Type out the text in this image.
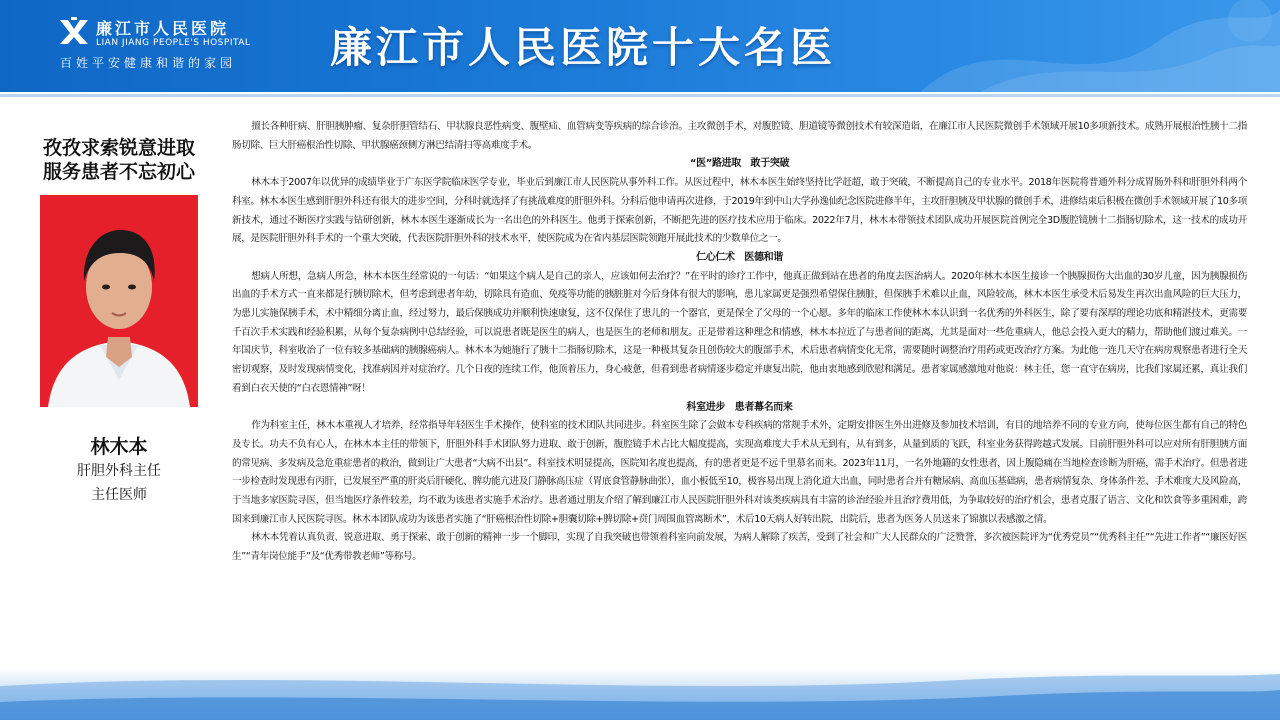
廉江市人民医院
LIAN JIANG PEOPLE'S HOSPITAL
百姓平安健康和谐的家园 廉江市人民医院十大名医
孜孜求索锐意进取
服务患者不忘初心
林木本
肝胆外科主任
主任医师

擅长各种肝病、肝胆胰肿瘤、复杂肝胆管结石、甲状腺良恶性病变、腹壁疝、血管病变等疾病的综合诊治。主攻微创手术，对腹腔镜、胆道镜等微创技术有较深造诣，在廉江市人民医院微创手术领域开展10多项新技术。成熟开展根治性胰十二指肠切除、巨大肝癌根治性切除、甲状腺癌颈侧方淋巴结清扫等高难度手术。

“医”路进取　敢于突破

林木本于2007年以优异的成绩毕业于广东医学院临床医学专业，毕业后到廉江市人民医院从事外科工作。从医过程中，林木本医生始终坚持比学赶超，敢于突破，不断提高自己的专业水平。2018年医院将普通外科分成胃肠外科和肝胆外科两个科室。林木本医生感到肝胆外科还有很大的进步空间，分科时就选择了有挑战难度的肝胆外科。分科后他申请再次进修，于2019年到中山大学孙逸仙纪念医院进修半年，主攻肝胆胰及甲状腺的微创手术，进修结束后积极在微创手术领域开展了10多项新技术，通过不断医疗实践与钻研创新，林木本医生逐渐成长为一名出色的外科医生。他勇于探索创新，不断把先进的医疗技术应用于临床。2022年7月，林木本带领技术团队成功开展医院首例完全3D腹腔镜胰十二指肠切除术，这一技术的成功开展，是医院肝胆外科手术的一个重大突破，代表医院肝胆外科的技术水平，使医院成为在省内基层医院领跑开展此技术的少数单位之一。

仁心仁术　医德和谐

想病人所想，急病人所急，林木本医生经常说的一句话：“如果这个病人是自己的亲人，应该如何去治疗？”在平时的诊疗工作中，他真正做到站在患者的角度去医治病人。2020年林木本医生接诊一个胰腺损伤大出血的30岁儿童，因为胰腺损伤出血的手术方式一直来都是行胰切除术，但考虑到患者年幼，切除具有造血、免疫等功能的胰脏脏对今后身体有很大的影响，患儿家属更是强烈希望保住胰脏，但保胰手术难以止血，风险较高，林木本医生承受术后易发生再次出血风险的巨大压力，为患儿实施保胰手术，术中精细分离止血，经过努力，最后保胰成功并顺利快速康复，这不仅保住了患儿的一个器官，更是保全了父母的一个心愿。多年的临床工作使林木本认识到一名优秀的外科医生，除了要有深厚的理论功底和精湛技术，更需要千百次手术实践和经验积累，从每个复杂病例中总结经验，可以说患者既是医生的病人，也是医生的老师和朋友。正是带着这种理念和情感，林木本拉近了与患者间的距离，尤其是面对一些危重病人，他总会投入更大的精力，帮助他们渡过难关。一年国庆节，科室收治了一位有较多基础病的胰腺癌病人。林木本为她施行了胰十二指肠切除术，这是一种极其复杂且创伤较大的腹部手术，术后患者病情变化无常，需要随时调整治疗用药或更改治疗方案。为此他一连几天守在病房观察患者进行全天密切观察，及时发现病情变化，找准病因并对症治疗。几个日夜的连续工作，他顶着压力，身心疲惫，但看到患者病情逐步稳定并康复出院，他由衷地感到欣慰和满足。患者家属感激地对他说：林主任，您一直守在病房，比我们家属还累，真让我们看到白衣天使的“白衣恩情神”呀！

科室进步　患者幕名而来

作为科室主任，林木本重视人才培养，经常指导年轻医生手术操作，使科室的技术团队共同进步。科室医生除了会做本专科疾病的常规手术外，定期安排医生外出进修及参加技术培训，有目的地培养不同的专业方向，使每位医生都有自己的特色及专长。功夫不负有心人，在林木本主任的带领下，肝胆外科手术团队努力进取、敢于创新，腹腔镜手术占比大幅度提高，实现高难度大手术从无到有，从有到多，从量到质的飞跃，科室业务获得跨越式发展。目前肝胆外科可以应对所有肝胆胰方面的常见病、多发病及急危重症患者的救治，做到让广大患者“大病不出县”。科室技术明显提高，医院知名度也提高，有的患者更是不远千里慕名而来。2023年11月，一名外地籍的女性患者，因上腹隐痛在当地检查诊断为肝癌，需手术治疗。但患者进一步检查时发现患有丙肝，已发展至严重的肝炎后肝硬化、脾功能亢进及门静脉高压症（胃底食管静脉曲张），血小板低至10，极容易出现上消化道大出血，同时患者合并有糖尿病、高血压基础病，患者病情复杂、身体条件差、手术难度大及风险高，于当地多家医院寻医，但当地医疗条件较差，均不敢为该患者实施手术治疗。患者通过朋友介绍了解到廉江市人民医院肝胆外科对该类疾病具有丰富的诊治经验并且治疗费用低，为争取较好的治疗机会，患者克服了语言、文化和饮食等多重困难，跨国来到廉江市人民医院寻医。林木本团队成功为该患者实施了“肝癌根治性切除+胆囊切除+脾切除+贲门周围血管离断术”，术后10天病人好转出院，出院后，患者为医务人员送来了锦旗以表感激之情。

林木本凭着认真负责、锐意进取、勇于探索、敢于创新的精神一步一个脚印，实现了自我突破也带领着科室向前发展，为病人解除了疾苦，受到了社会和广大人民群众的广泛赞誉，多次被医院评为“优秀党员”“优秀科主任”“先进工作者”“廉医好医生”“青年岗位能手”及“优秀带教老师”等称号。
